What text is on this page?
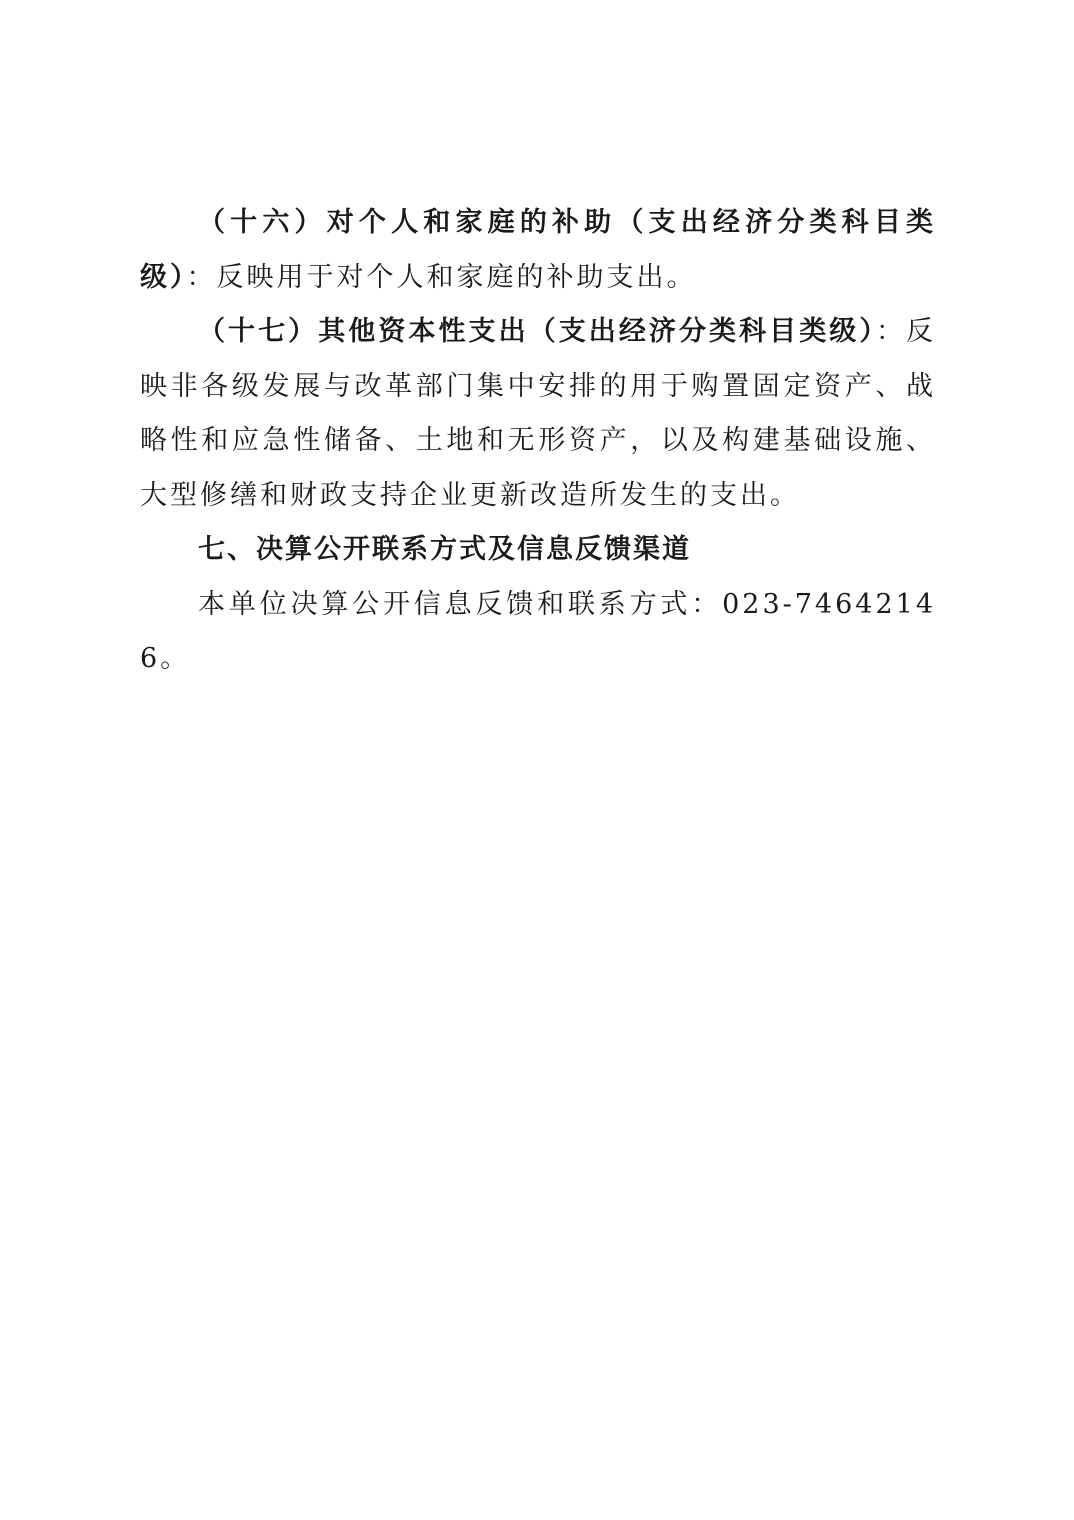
（十六）对个人和家庭的补助（支出经济分类科目类级）：反映用于对个人和家庭的补助支出。

（十七）其他资本性支出（支出经济分类科目类级）：反映非各级发展与改革部门集中安排的用于购置固定资产、战略性和应急性储备、土地和无形资产，以及构建基础设施、大型修缮和财政支持企业更新改造所发生的支出。

七、决算公开联系方式及信息反馈渠道

本单位决算公开信息反馈和联系方式：023-74642146。
